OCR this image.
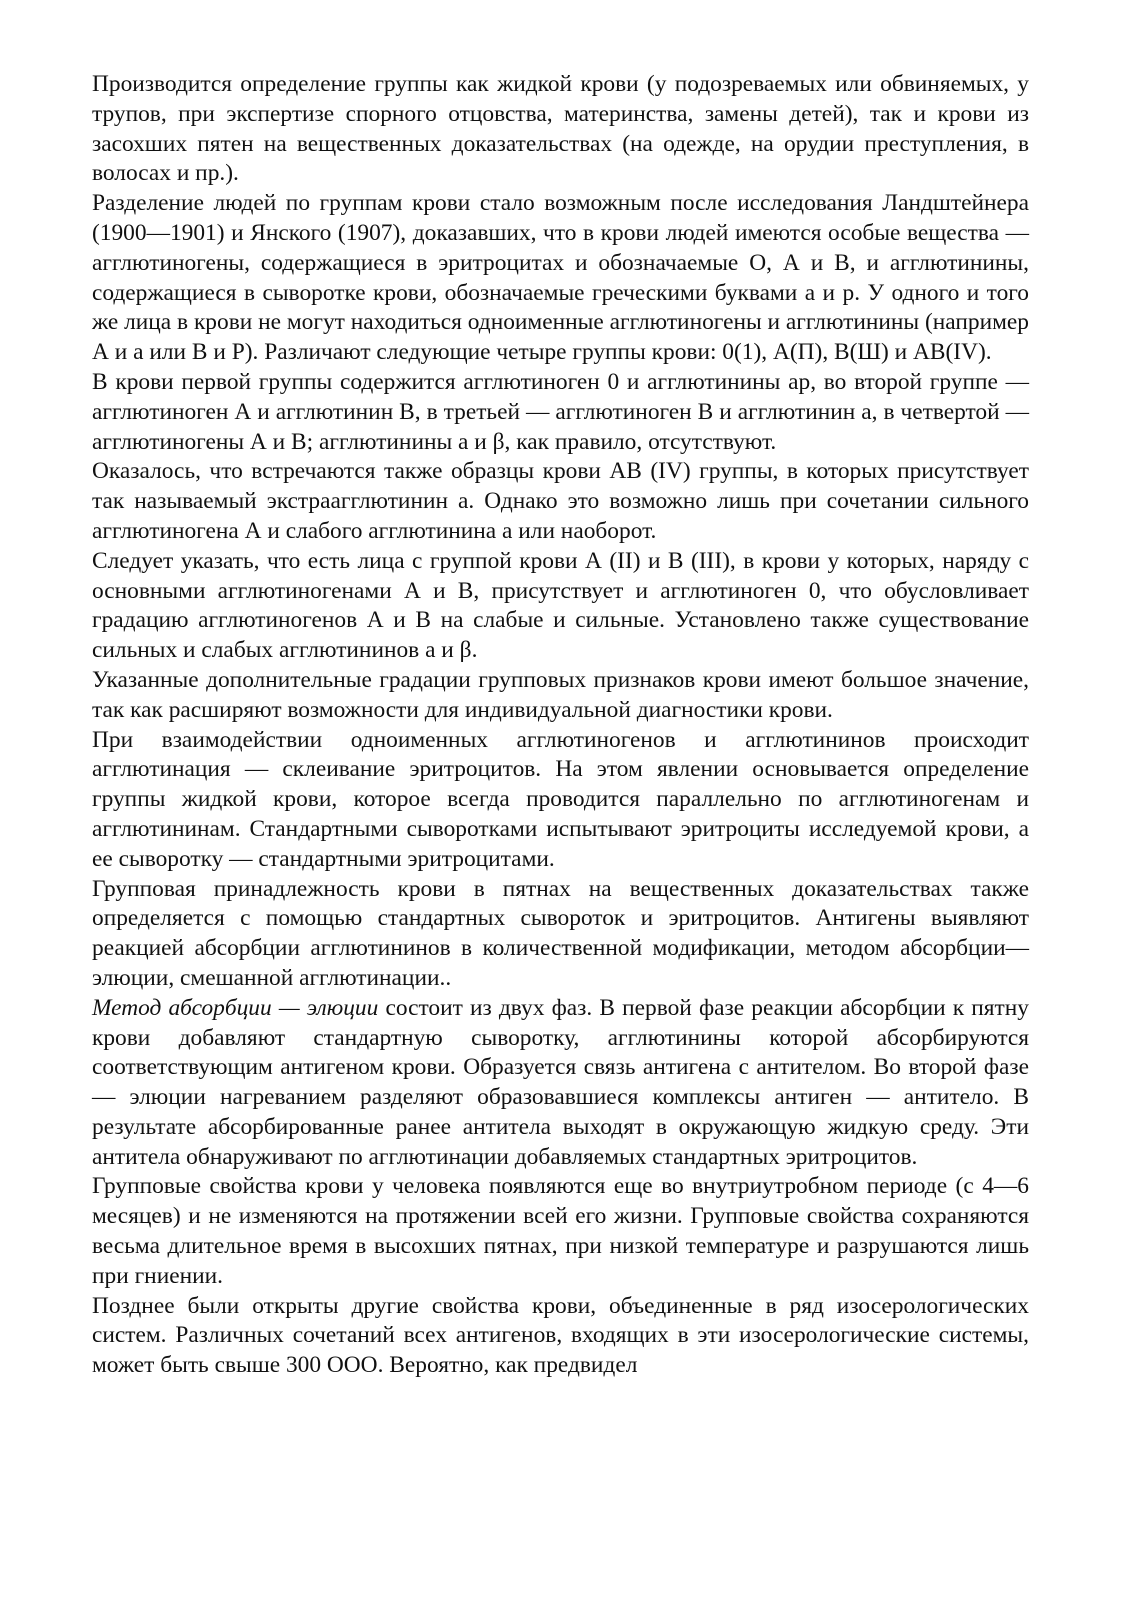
Производится определение группы как жидкой крови (у подозреваемых или обвиняемых, у трупов, при экспертизе спорного отцовства, материнства, замены детей), так и крови из засохших пятен на вещественных доказательствах (на одежде, на орудии преступления, в волосах и пр.).

Разделение людей по группам крови стало возможным после исследования Ландштейнера (1900—1901) и Янского (1907), доказавших, что в крови людей имеются особые вещества — агглютиногены, содержащиеся в эритроцитах и обозначаемые О, А и В, и агглютинины, содержащиеся в сыворотке крови, обозначаемые греческими буквами а и р. У одного и того же лица в крови не могут находиться одноименные агглютиногены и агглютинины (например А и а или В и Р). Различают следующие четыре группы крови: 0(1), А(П), В(Ш) и АВ(IV).

В крови первой группы содержится агглютиноген 0 и агглютинины ар, во второй группе — агглютиноген А и агглютинин В, в третьей — агглютиноген В и агглютинин а, в четвертой — агглютиногены А и В; агглютинины а и β, как правило, отсутствуют.

Оказалось, что встречаются также образцы крови АВ (IV) группы, в которых присутствует так называемый экстраагглютинин а. Однако это возможно лишь при сочетании сильного агглютиногена А и слабого агглютинина а или наоборот.

Следует указать, что есть лица с группой крови А (II) и В (III), в крови у которых, наряду с основными агглютиногенами А и В, присутствует и агглютиноген 0, что обусловливает градацию агглютиногенов А и В на слабые и сильные. Установлено также существование сильных и слабых агглютининов а и β.

Указанные дополнительные градации групповых признаков крови имеют большое значение, так как расширяют возможности для индивидуальной диагностики крови.

При взаимодействии одноименных агглютиногенов и агглютининов происходит агглютинация — склеивание эритроцитов. На этом явлении основывается определение группы жидкой крови, которое всегда проводится параллельно по агглютиногенам и агглютининам. Стандартными сыворотками испытывают эритроциты исследуемой крови, а ее сыворотку — стандартными эритроцитами.

Групповая принадлежность крови в пятнах на вещественных доказательствах также определяется с помощью стандартных сывороток и эритроцитов. Антигены выявляют реакцией абсорбции агглютининов в количественной модификации, методом абсорбции— элюции, смешанной агглютинации..

Метод абсорбции — элюции состоит из двух фаз. В первой фазе реакции абсорбции к пятну крови добавляют стандартную сыворотку, агглютинины которой абсорбируются соответствующим антигеном крови. Образуется связь антигена с антителом. Во второй фазе — элюции нагреванием разделяют образовавшиеся комплексы антиген — антитело. В результате абсорбированные ранее антитела выходят в окружающую жидкую среду. Эти антитела обнаруживают по агглютинации добавляемых стандартных эритроцитов.

Групповые свойства крови у человека появляются еще во внутриутробном периоде (с 4—6 месяцев) и не изменяются на протяжении всей его жизни. Групповые свойства сохраняются весьма длительное время в высохших пятнах, при низкой температуре и разрушаются лишь при гниении.

Позднее были открыты другие свойства крови, объединенные в ряд изосерологических систем. Различных сочетаний всех антигенов, входящих в эти изосерологические системы, может быть свыше 300 ООО. Вероятно, как предвидел
